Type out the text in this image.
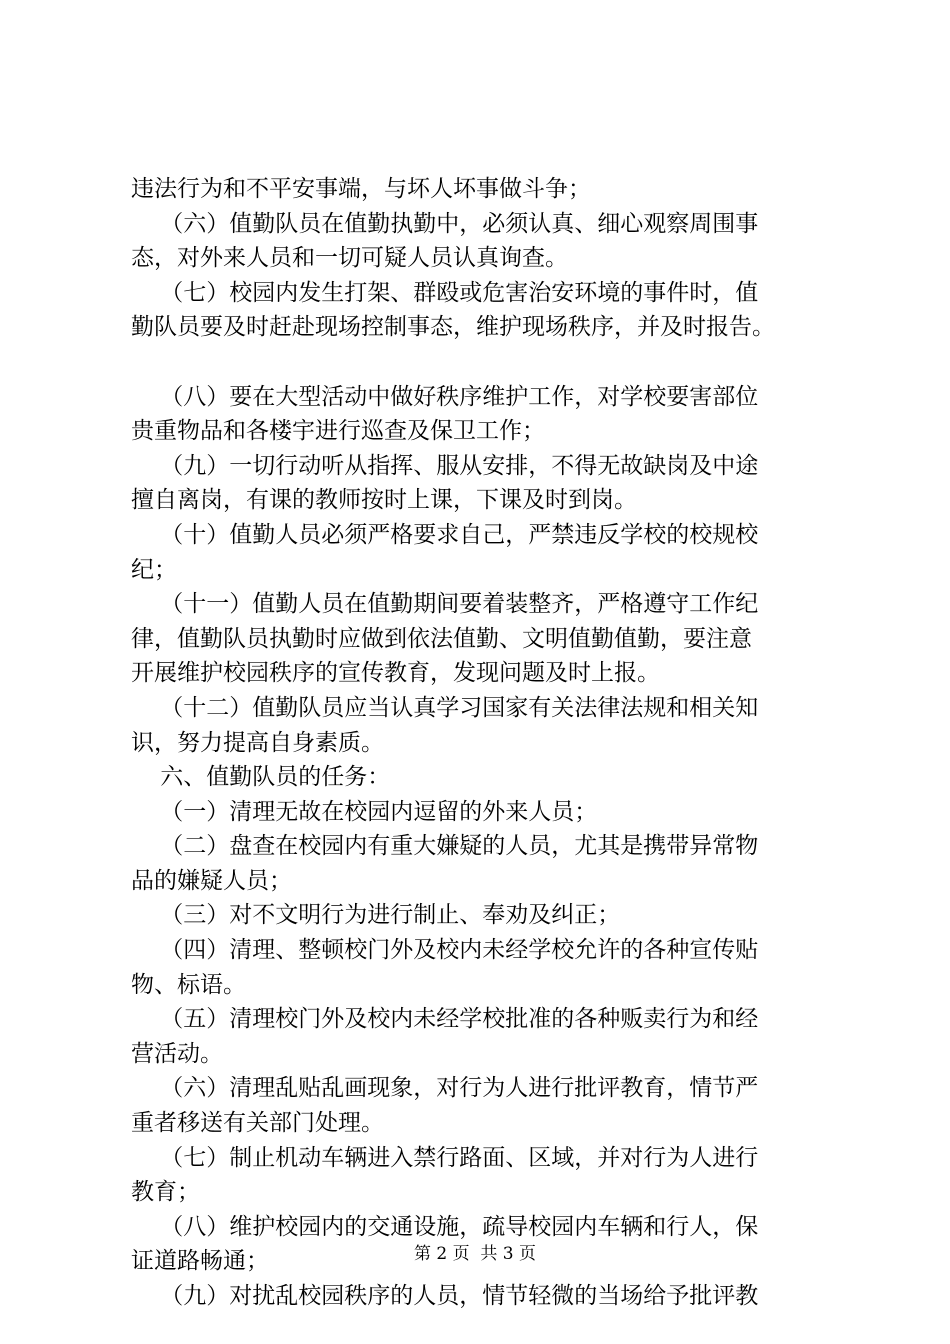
违法行为和不平安事端，与坏人坏事做斗争；
（六）值勤队员在值勤执勤中，必须认真、细心观察周围事
态，对外来人员和一切可疑人员认真询查。
（七）校园内发生打架、群殴或危害治安环境的事件时，值
勤队员要及时赶赴现场控制事态，维护现场秩序，并及时报告。
（八）要在大型活动中做好秩序维护工作，对学校要害部位
贵重物品和各楼宇进行巡查及保卫工作；
（九）一切行动听从指挥、服从安排，不得无故缺岗及中途
擅自离岗，有课的教师按时上课，下课及时到岗。
（十）值勤人员必须严格要求自己，严禁违反学校的校规校
纪；
（十一）值勤人员在值勤期间要着装整齐，严格遵守工作纪
律，值勤队员执勤时应做到依法值勤、文明值勤值勤，要注意
开展维护校园秩序的宣传教育，发现问题及时上报。
（十二）值勤队员应当认真学习国家有关法律法规和相关知
识，努力提高自身素质。
六、值勤队员的任务：
（一）清理无故在校园内逗留的外来人员；
（二）盘查在校园内有重大嫌疑的人员，尤其是携带异常物
品的嫌疑人员；
（三）对不文明行为进行制止、奉劝及纠正；
（四）清理、整顿校门外及校内未经学校允许的各种宣传贴
物、标语。
（五）清理校门外及校内未经学校批准的各种贩卖行为和经
营活动。
（六）清理乱贴乱画现象，对行为人进行批评教育，情节严
重者移送有关部门处理。
（七）制止机动车辆进入禁行路面、区域，并对行为人进行
教育；
（八）维护校园内的交通设施，疏导校园内车辆和行人，保
证道路畅通；
（九）对扰乱校园秩序的人员，情节轻微的当场给予批评教
第 2 页  共 3 页
